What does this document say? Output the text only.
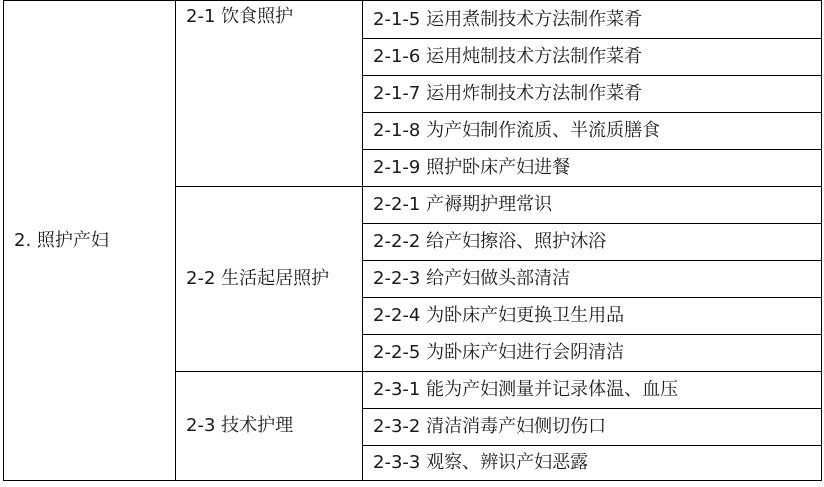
2. 照护产妇	2-1 饮食照护	2-1-5 运用煮制技术方法制作菜肴
		2-1-6 运用炖制技术方法制作菜肴
		2-1-7 运用炸制技术方法制作菜肴
		2-1-8 为产妇制作流质、半流质膳食
		2-1-9 照护卧床产妇进餐
	2-2 生活起居照护	2-2-1 产褥期护理常识
		2-2-2 给产妇擦浴、照护沐浴
		2-2-3 给产妇做头部清洁
		2-2-4 为卧床产妇更换卫生用品
		2-2-5 为卧床产妇进行会阴清洁
	2-3 技术护理	2-3-1 能为产妇测量并记录体温、血压
		2-3-2 清洁消毒产妇侧切伤口
		2-3-3 观察、辨识产妇恶露
